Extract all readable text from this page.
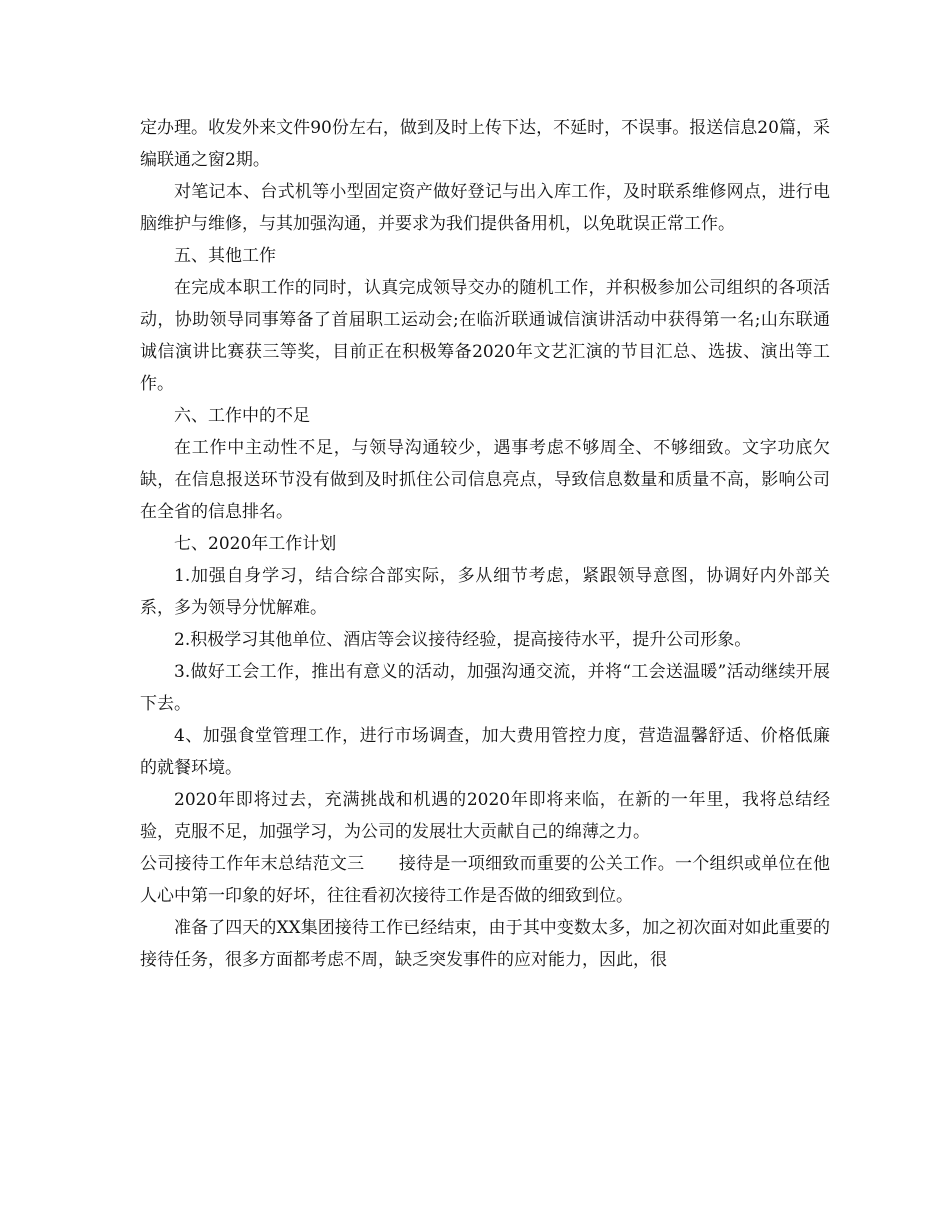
定办理。收发外来文件90份左右，做到及时上传下达，不延时，不误事。报送信息20篇，采编联通之窗2期。

对笔记本、台式机等小型固定资产做好登记与出入库工作，及时联系维修网点，进行电脑维护与维修，与其加强沟通，并要求为我们提供备用机，以免耽误正常工作。

五、其他工作

在完成本职工作的同时，认真完成领导交办的随机工作，并积极参加公司组织的各项活动，协助领导同事筹备了首届职工运动会;在临沂联通诚信演讲活动中获得第一名;山东联通诚信演讲比赛获三等奖，目前正在积极筹备2020年文艺汇演的节目汇总、选拔、演出等工作。

六、工作中的不足

在工作中主动性不足，与领导沟通较少，遇事考虑不够周全、不够细致。文字功底欠缺，在信息报送环节没有做到及时抓住公司信息亮点，导致信息数量和质量不高，影响公司在全省的信息排名。

七、2020年工作计划

1.加强自身学习，结合综合部实际，多从细节考虑，紧跟领导意图，协调好内外部关系，多为领导分忧解难。

2.积极学习其他单位、酒店等会议接待经验，提高接待水平，提升公司形象。

3.做好工会工作，推出有意义的活动，加强沟通交流，并将“工会送温暖”活动继续开展下去。

4、加强食堂管理工作，进行市场调查，加大费用管控力度，营造温馨舒适、价格低廉的就餐环境。

2020年即将过去，充满挑战和机遇的2020年即将来临，在新的一年里，我将总结经验，克服不足，加强学习，为公司的发展壮大贡献自己的绵薄之力。

公司接待工作年末总结范文三　　接待是一项细致而重要的公关工作。一个组织或单位在他人心中第一印象的好坏，往往看初次接待工作是否做的细致到位。

准备了四天的XX集团接待工作已经结束，由于其中变数太多，加之初次面对如此重要的接待任务，很多方面都考虑不周，缺乏突发事件的应对能力，因此，很
